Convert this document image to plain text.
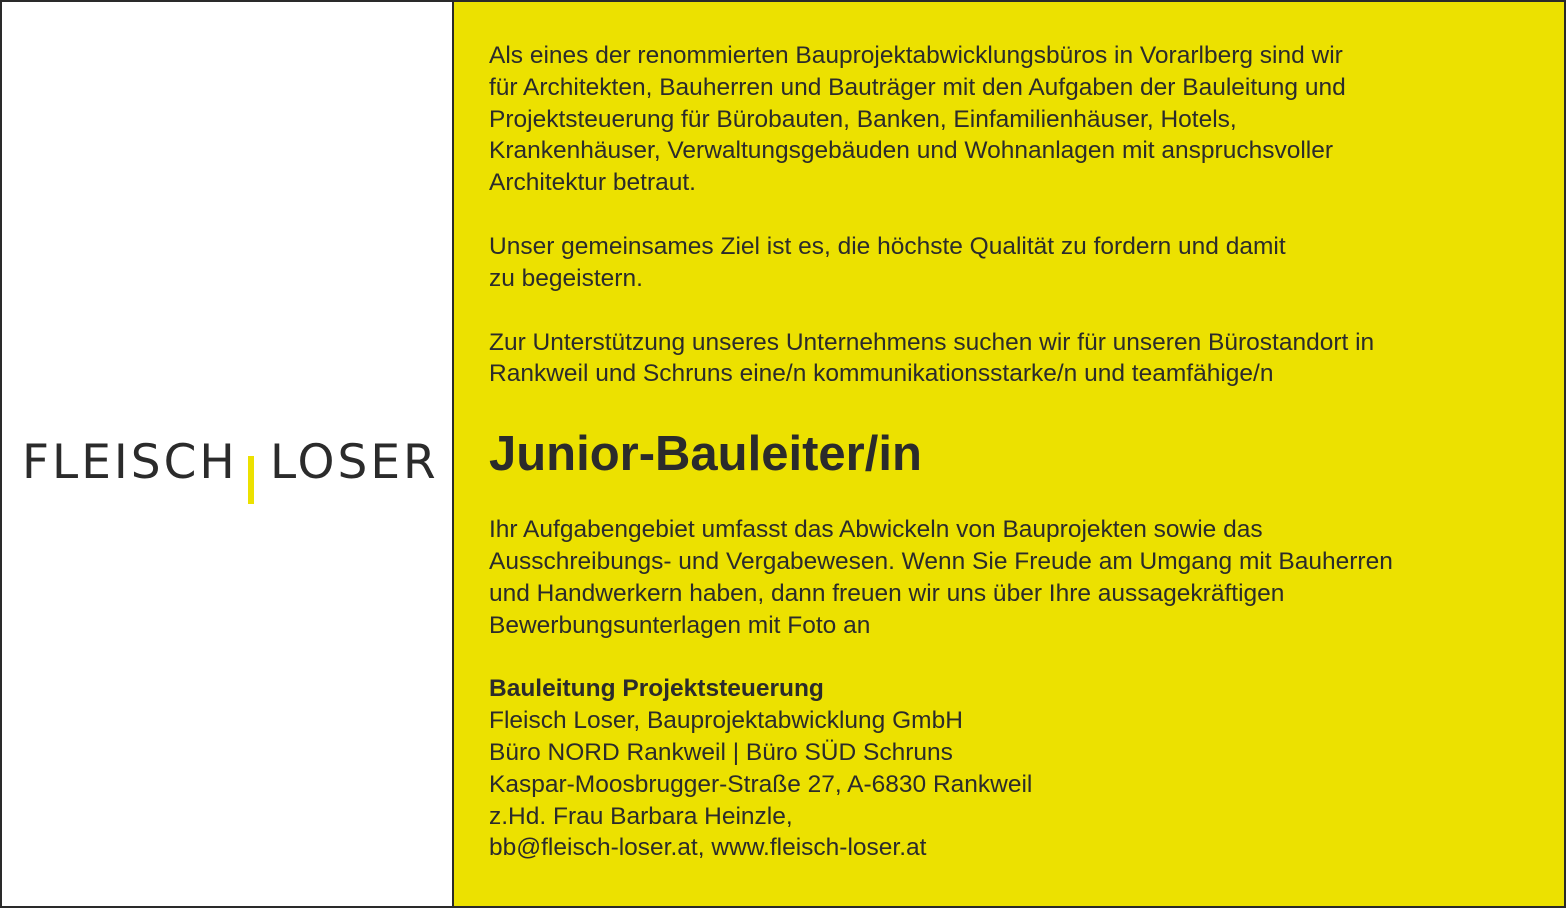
FLEISCH LOSER

Als eines der renommierten Bauprojektabwicklungsbüros in Vorarlberg sind wir
für Architekten, Bauherren und Bauträger mit den Aufgaben der Bauleitung und
Projektsteuerung für Bürobauten, Banken, Einfamilienhäuser, Hotels,
Krankenhäuser, Verwaltungsgebäuden und Wohnanlagen mit anspruchsvoller
Architektur betraut.

Unser gemeinsames Ziel ist es, die höchste Qualität zu fordern und damit
zu begeistern.

Zur Unterstützung unseres Unternehmens suchen wir für unseren Bürostandort in
Rankweil und Schruns eine/n kommunikationsstarke/n und teamfähige/n

Junior-Bauleiter/in

Ihr Aufgabengebiet umfasst das Abwickeln von Bauprojekten sowie das
Ausschreibungs- und Vergabewesen. Wenn Sie Freude am Umgang mit Bauherren
und Handwerkern haben, dann freuen wir uns über Ihre aussagekräftigen
Bewerbungsunterlagen mit Foto an

Bauleitung Projektsteuerung

Fleisch Loser, Bauprojektabwicklung GmbH

Büro NORD Rankweil | Büro SÜD Schruns

Kaspar-Moosbrugger-Straße 27, A-6830 Rankweil

z.Hd. Frau Barbara Heinzle,

bb@fleisch-loser.at, www.fleisch-loser.at
